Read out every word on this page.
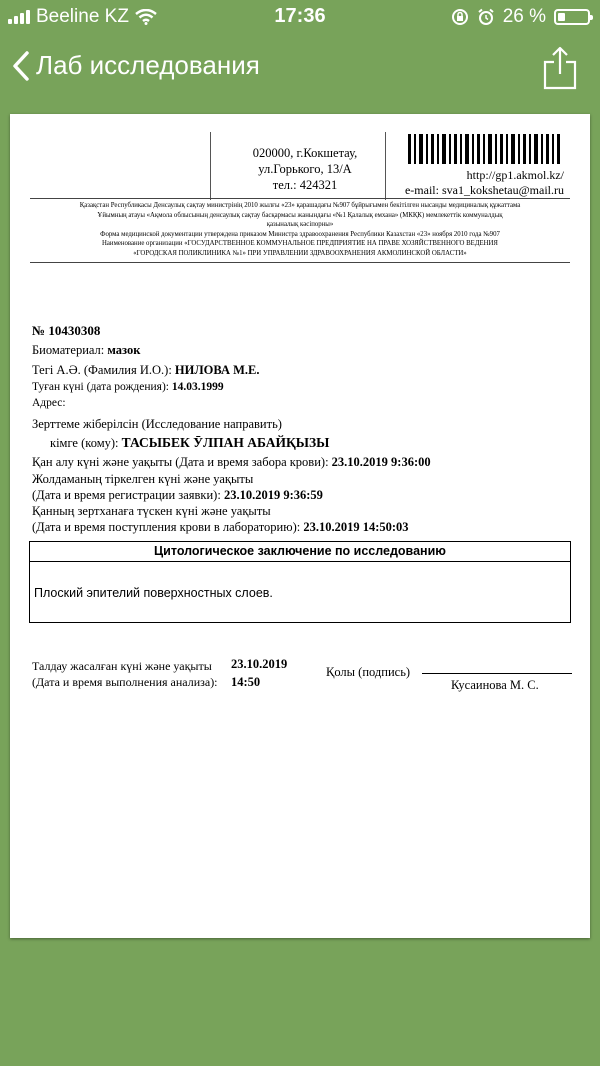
Beeline KZ	17:36	26 %
Лаб исследования
020000, г.Кокшетау,
ул.Горького, 13/А
тел.: 424321
http://gp1.akmol.kz/
e-mail: sva1_kokshetau@mail.ru
Қазақстан Республикасы Денсаулық сақтау министрінің 2010 жылғы «23» қарашадағы №907 бұйрығымен бекітілген нысанды медициналық құжаттама
Ұйымның атауы «Ақмола облысының денсаулық сақтау басқармасы жанындағы «№1 Қалалық емхана» (МКҚК) мемлекеттік коммуналдық
қазыналық кәсіпорны»
Форма медицинской документации утверждена приказом Министра здравоохранения Республики Казахстан «23» ноября 2010 года №907
Наименование организации «ГОСУДАРСТВЕННОЕ КОММУНАЛЬНОЕ ПРЕДПРИЯТИЕ НА ПРАВЕ ХОЗЯЙСТВЕННОГО ВЕДЕНИЯ
«ГОРОДСКАЯ ПОЛИКЛИНИКА №1» ПРИ УПРАВЛЕНИИ ЗДРАВООХРАНЕНИЯ АКМОЛИНСКОЙ ОБЛАСТИ»
№ 10430308
Биоматериал: мазок
Тегі А.Ә. (Фамилия И.О.): НИЛОВА М.Е.
Туған күні (дата рождения): 14.03.1999
Адрес:
Зерттеме жіберілсін (Исследование направить)
кімге (кому): ТАСЫБЕК ӮЛПАН АБАЙҚЫЗЫ
Қан алу күні және уақыты (Дата и время забора крови): 23.10.2019 9:36:00
Жолдаманың тіркелген күні және уақыты
(Дата и время регистрации заявки): 23.10.2019 9:36:59
Қанның зертханаға түскен күні және уақыты
(Дата и время поступления крови в лабораторию): 23.10.2019 14:50:03
Цитологическое заключение по исследованию
Плоский эпителий поверхностных слоев.
Талдау жасалған күні және уақыты
(Дата и время выполнения анализа):
23.10.2019
14:50
Қолы (подпись)
Кусаинова М. С.
